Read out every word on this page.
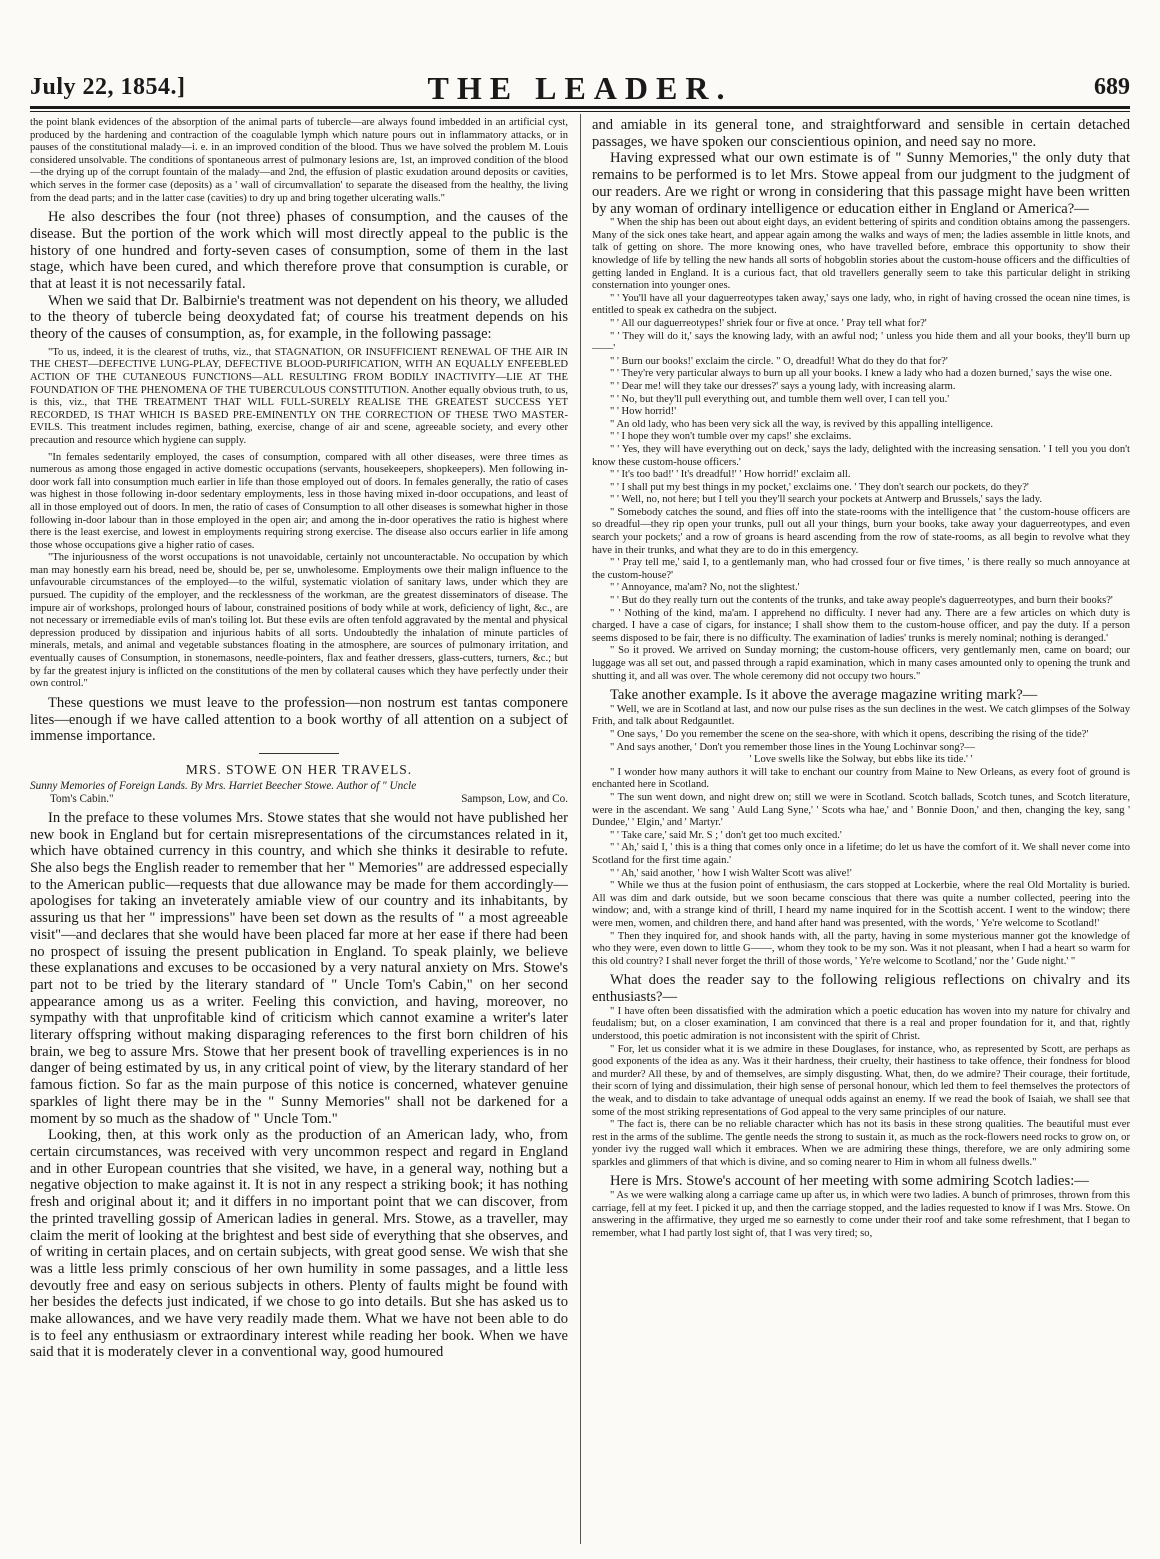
July 22, 1854.]	THE LEADER.	689

the point blank evidences of the absorption of the animal parts of tubercle—are always found imbedded in an artificial cyst, produced by the hardening and contraction of the coagulable lymph which nature pours out in inflammatory attacks, or in pauses of the constitutional malady—i. e. in an improved condition of the blood. Thus we have solved the problem M. Louis considered unsolvable. The conditions of spontaneous arrest of pulmonary lesions are, 1st, an improved condition of the blood—the drying up of the corrupt fountain of the malady—and 2nd, the effusion of plastic exudation around deposits or cavities, which serves in the former case (deposits) as a ' wall of circumvallation' to separate the diseased from the healthy, the living from the dead parts; and in the latter case (cavities) to dry up and bring together ulcerating walls."

He also describes the four (not three) phases of consumption, and the causes of the disease. But the portion of the work which will most directly appeal to the public is the history of one hundred and forty-seven cases of consumption, some of them in the last stage, which have been cured, and which therefore prove that consumption is curable, or that at least it is not necessarily fatal.

When we said that Dr. Balbirnie's treatment was not dependent on his theory, we alluded to the theory of tubercle being deoxydated fat; of course his treatment depends on his theory of the causes of consumption, as, for example, in the following passage:

"To us, indeed, it is the clearest of truths, viz., that STAGNATION, OR INSUFFICIENT RENEWAL OF THE AIR IN THE CHEST—DEFECTIVE LUNG-PLAY, DEFECTIVE BLOOD-PURIFICATION, WITH AN EQUALLY ENFEEBLED ACTION OF THE CUTANEOUS FUNCTIONS—ALL RESULTING FROM BODILY INACTIVITY—LIE AT THE FOUNDATION OF THE PHENOMENA OF THE TUBERCULOUS CONSTITUTION. Another equally obvious truth, to us, is this, viz., that THE TREATMENT THAT WILL FULL-SURELY REALISE THE GREATEST SUCCESS YET RECORDED, IS THAT WHICH IS BASED PRE-EMINENTLY ON THE CORRECTION OF THESE TWO MASTER-EVILS. This treatment includes regimen, bathing, exercise, change of air and scene, agreeable society, and every other precaution and resource which hygiene can supply.

"In females sedentarily employed, the cases of consumption, compared with all other diseases, were three times as numerous as among those engaged in active domestic occupations (servants, housekeepers, shopkeepers). Men following in-door work fall into consumption much earlier in life than those employed out of doors. In females generally, the ratio of cases was highest in those following in-door sedentary employments, less in those having mixed in-door occupations, and least of all in those employed out of doors. In men, the ratio of cases of Consumption to all other diseases is somewhat higher in those following in-door labour than in those employed in the open air; and among the in-door operatives the ratio is highest where there is the least exercise, and lowest in employments requiring strong exercise. The disease also occurs earlier in life among those whose occupations give a higher ratio of cases.

"The injuriousness of the worst occupations is not unavoidable, certainly not uncounteractable. No occupation by which man may honestly earn his bread, need be, should be, per se, unwholesome. Employments owe their malign influence to the unfavourable circumstances of the employed—to the wilful, systematic violation of sanitary laws, under which they are pursued. The cupidity of the employer, and the recklessness of the workman, are the greatest disseminators of disease. The impure air of workshops, prolonged hours of labour, constrained positions of body while at work, deficiency of light, &c., are not necessary or irremediable evils of man's toiling lot. But these evils are often tenfold aggravated by the mental and physical depression produced by dissipation and injurious habits of all sorts. Undoubtedly the inhalation of minute particles of minerals, metals, and animal and vegetable substances floating in the atmosphere, are sources of pulmonary irritation, and eventually causes of Consumption, in stonemasons, needle-pointers, flax and feather dressers, glass-cutters, turners, &c.; but by far the greatest injury is inflicted on the constitutions of the men by collateral causes which they have perfectly under their own control."

These questions we must leave to the profession—non nostrum est tantas componere lites—enough if we have called attention to a book worthy of all attention on a subject of immense importance.

MRS. STOWE ON HER TRAVELS.
Sunny Memories of Foreign Lands. By Mrs. Harriet Beecher Stowe. Author of " Uncle
Tom's Cabin."	Sampson, Low, and Co.

In the preface to these volumes Mrs. Stowe states that she would not have published her new book in England but for certain misrepresentations of the circumstances related in it, which have obtained currency in this country, and which she thinks it desirable to refute. She also begs the English reader to remember that her " Memories" are addressed especially to the American public—requests that due allowance may be made for them accordingly—apologises for taking an inveterately amiable view of our country and its inhabitants, by assuring us that her " impressions" have been set down as the results of " a most agreeable visit"—and declares that she would have been placed far more at her ease if there had been no prospect of issuing the present publication in England. To speak plainly, we believe these explanations and excuses to be occasioned by a very natural anxiety on Mrs. Stowe's part not to be tried by the literary standard of " Uncle Tom's Cabin," on her second appearance among us as a writer. Feeling this conviction, and having, moreover, no sympathy with that unprofitable kind of criticism which cannot examine a writer's later literary offspring without making disparaging references to the first born children of his brain, we beg to assure Mrs. Stowe that her present book of travelling experiences is in no danger of being estimated by us, in any critical point of view, by the literary standard of her famous fiction. So far as the main purpose of this notice is concerned, whatever genuine sparkles of light there may be in the " Sunny Memories" shall not be darkened for a moment by so much as the shadow of " Uncle Tom."

Looking, then, at this work only as the production of an American lady, who, from certain circumstances, was received with very uncommon respect and regard in England and in other European countries that she visited, we have, in a general way, nothing but a negative objection to make against it. It is not in any respect a striking book; it has nothing fresh and original about it; and it differs in no important point that we can discover, from the printed travelling gossip of American ladies in general. Mrs. Stowe, as a traveller, may claim the merit of looking at the brightest and best side of everything that she observes, and of writing in certain places, and on certain subjects, with great good sense. We wish that she was a little less primly conscious of her own humility in some passages, and a little less devoutly free and easy on serious subjects in others. Plenty of faults might be found with her besides the defects just indicated, if we chose to go into details. But she has asked us to make allowances, and we have very readily made them. What we have not been able to do is to feel any enthusiasm or extraordinary interest while reading her book. When we have said that it is moderately clever in a conventional way, good humoured

and amiable in its general tone, and straightforward and sensible in certain detached passages, we have spoken our conscientious opinion, and need say no more.

Having expressed what our own estimate is of " Sunny Memories," the only duty that remains to be performed is to let Mrs. Stowe appeal from our judgment to the judgment of our readers. Are we right or wrong in considering that this passage might have been written by any woman of ordinary intelligence or education either in England or America?—

" When the ship has been out about eight days, an evident bettering of spirits and condition obtains among the passengers. Many of the sick ones take heart, and appear again among the walks and ways of men; the ladies assemble in little knots, and talk of getting on shore. The more knowing ones, who have travelled before, embrace this opportunity to show their knowledge of life by telling the new hands all sorts of hobgoblin stories about the custom-house officers and the difficulties of getting landed in England. It is a curious fact, that old travellers generally seem to take this particular delight in striking consternation into younger ones.

" ' You'll have all your daguerreotypes taken away,' says one lady, who, in right of having crossed the ocean nine times, is entitled to speak ex cathedra on the subject.

" ' All our daguerreotypes!' shriek four or five at once. ' Pray tell what for?'

" ' They will do it,' says the knowing lady, with an awful nod; ' unless you hide them and all your books, they'll burn up——'

" ' Burn our books!' exclaim the circle. " O, dreadful! What do they do that for?'

" ' They're very particular always to burn up all your books. I knew a lady who had a dozen burned,' says the wise one.

" ' Dear me! will they take our dresses?' says a young lady, with increasing alarm.

" ' No, but they'll pull everything out, and tumble them well over, I can tell you.'

" ' How horrid!'

" An old lady, who has been very sick all the way, is revived by this appalling intelligence.

" ' I hope they won't tumble over my caps!' she exclaims.

" ' Yes, they will have everything out on deck,' says the lady, delighted with the increasing sensation. ' I tell you you don't know these custom-house officers.'

" ' It's too bad!' ' It's dreadful!' ' How horrid!' exclaim all.

" ' I shall put my best things in my pocket,' exclaims one. ' They don't search our pockets, do they?'

" ' Well, no, not here; but I tell you they'll search your pockets at Antwerp and Brussels,' says the lady.

" Somebody catches the sound, and flies off into the state-rooms with the intelligence that ' the custom-house officers are so dreadful—they rip open your trunks, pull out all your things, burn your books, take away your daguerreotypes, and even search your pockets;' and a row of groans is heard ascending from the row of state-rooms, as all begin to revolve what they have in their trunks, and what they are to do in this emergency.

" ' Pray tell me,' said I, to a gentlemanly man, who had crossed four or five times, ' is there really so much annoyance at the custom-house?'

" ' Annoyance, ma'am? No, not the slightest.'

" ' But do they really turn out the contents of the trunks, and take away people's daguerreotypes, and burn their books?'

" ' Nothing of the kind, ma'am. I apprehend no difficulty. I never had any. There are a few articles on which duty is charged. I have a case of cigars, for instance; I shall show them to the custom-house officer, and pay the duty. If a person seems disposed to be fair, there is no difficulty. The examination of ladies' trunks is merely nominal; nothing is deranged.'

" So it proved. We arrived on Sunday morning; the custom-house officers, very gentlemanly men, came on board; our luggage was all set out, and passed through a rapid examination, which in many cases amounted only to opening the trunk and shutting it, and all was over. The whole ceremony did not occupy two hours."

Take another example. Is it above the average magazine writing mark?—

" Well, we are in Scotland at last, and now our pulse rises as the sun declines in the west. We catch glimpses of the Solway Frith, and talk about Redgauntlet.

" One says, ' Do you remember the scene on the sea-shore, with which it opens, describing the rising of the tide?'

" And says another, ' Don't you remember those lines in the Young Lochinvar song?—

' Love swells like the Solway, but ebbs like its tide.' '

" I wonder how many authors it will take to enchant our country from Maine to New Orleans, as every foot of ground is enchanted here in Scotland.

" The sun went down, and night drew on; still we were in Scotland. Scotch ballads, Scotch tunes, and Scotch literature, were in the ascendant. We sang ' Auld Lang Syne,' ' Scots wha hae,' and ' Bonnie Doon,' and then, changing the key, sang ' Dundee,' ' Elgin,' and ' Martyr.'

" ' Take care,' said Mr. S ; ' don't get too much excited.'

" ' Ah,' said I, ' this is a thing that comes only once in a lifetime; do let us have the comfort of it. We shall never come into Scotland for the first time again.'

" ' Ah,' said another, ' how I wish Walter Scott was alive!'

" While we thus at the fusion point of enthusiasm, the cars stopped at Lockerbie, where the real Old Mortality is buried. All was dim and dark outside, but we soon became conscious that there was quite a number collected, peering into the window; and, with a strange kind of thrill, I heard my name inquired for in the Scottish accent. I went to the window; there were men, women, and children there, and hand after hand was presented, with the words, ' Ye're welcome to Scotland!'

" Then they inquired for, and shook hands with, all the party, having in some mysterious manner got the knowledge of who they were, even down to little G——, whom they took to be my son. Was it not pleasant, when I had a heart so warm for this old country? I shall never forget the thrill of those words, ' Ye're welcome to Scotland,' nor the ' Gude night.' "

What does the reader say to the following religious reflections on chivalry and its enthusiasts?—

" I have often been dissatisfied with the admiration which a poetic education has woven into my nature for chivalry and feudalism; but, on a closer examination, I am convinced that there is a real and proper foundation for it, and that, rightly understood, this poetic admiration is not inconsistent with the spirit of Christ.

" For, let us consider what it is we admire in these Douglases, for instance, who, as represented by Scott, are perhaps as good exponents of the idea as any. Was it their hardness, their cruelty, their hastiness to take offence, their fondness for blood and murder? All these, by and of themselves, are simply disgusting. What, then, do we admire? Their courage, their fortitude, their scorn of lying and dissimulation, their high sense of personal honour, which led them to feel themselves the protectors of the weak, and to disdain to take advantage of unequal odds against an enemy. If we read the book of Isaiah, we shall see that some of the most striking representations of God appeal to the very same principles of our nature.

" The fact is, there can be no reliable character which has not its basis in these strong qualities. The beautiful must ever rest in the arms of the sublime. The gentle needs the strong to sustain it, as much as the rock-flowers need rocks to grow on, or yonder ivy the rugged wall which it embraces. When we are admiring these things, therefore, we are only admiring some sparkles and glimmers of that which is divine, and so coming nearer to Him in whom all fulness dwells."

Here is Mrs. Stowe's account of her meeting with some admiring Scotch ladies:—

" As we were walking along a carriage came up after us, in which were two ladies. A bunch of primroses, thrown from this carriage, fell at my feet. I picked it up, and then the carriage stopped, and the ladies requested to know if I was Mrs. Stowe. On answering in the affirmative, they urged me so earnestly to come under their roof and take some refreshment, that I began to remember, what I had partly lost sight of, that I was very tired; so,
